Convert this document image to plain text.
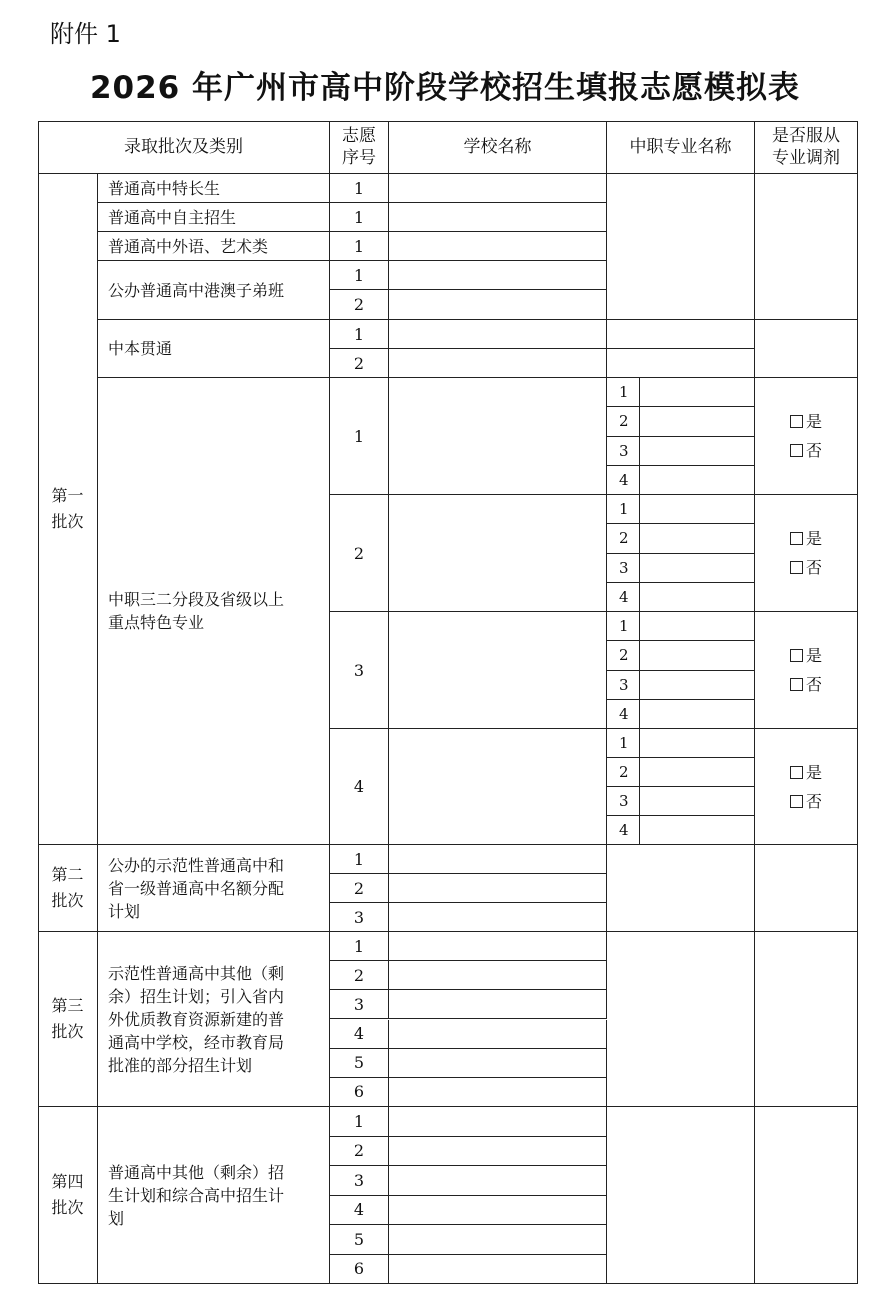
附件 1
2026 年广州市高中阶段学校招生填报志愿模拟表
录取批次及类别
志愿
序号
学校名称	中职专业名称
是否服从
专业调剂
第一
批次
普通高中特长生
普通高中自主招生
普通高中外语、艺术类
公办普通高中港澳子弟班
中本贯通
1
1
1
1
2
1
2
中职三二分段及省级以上
重点特色专业
1
1
2
3
4
是
否
2
1
2
3
4
是
否
3
1
2
3
4
是
否
4
1
2
3
4
是
否
第二
批次
公办的示范性普通高中和
省一级普通高中名额分配
计划
1
2
3
第三
批次
示范性普通高中其他（剩
余）招生计划；引入省内
外优质教育资源新建的普
通高中学校，经市教育局
批准的部分招生计划
1
2
3
4
5
6
第四
批次
普通高中其他（剩余）招
生计划和综合高中招生计
划
1
2
3
4
5
6
